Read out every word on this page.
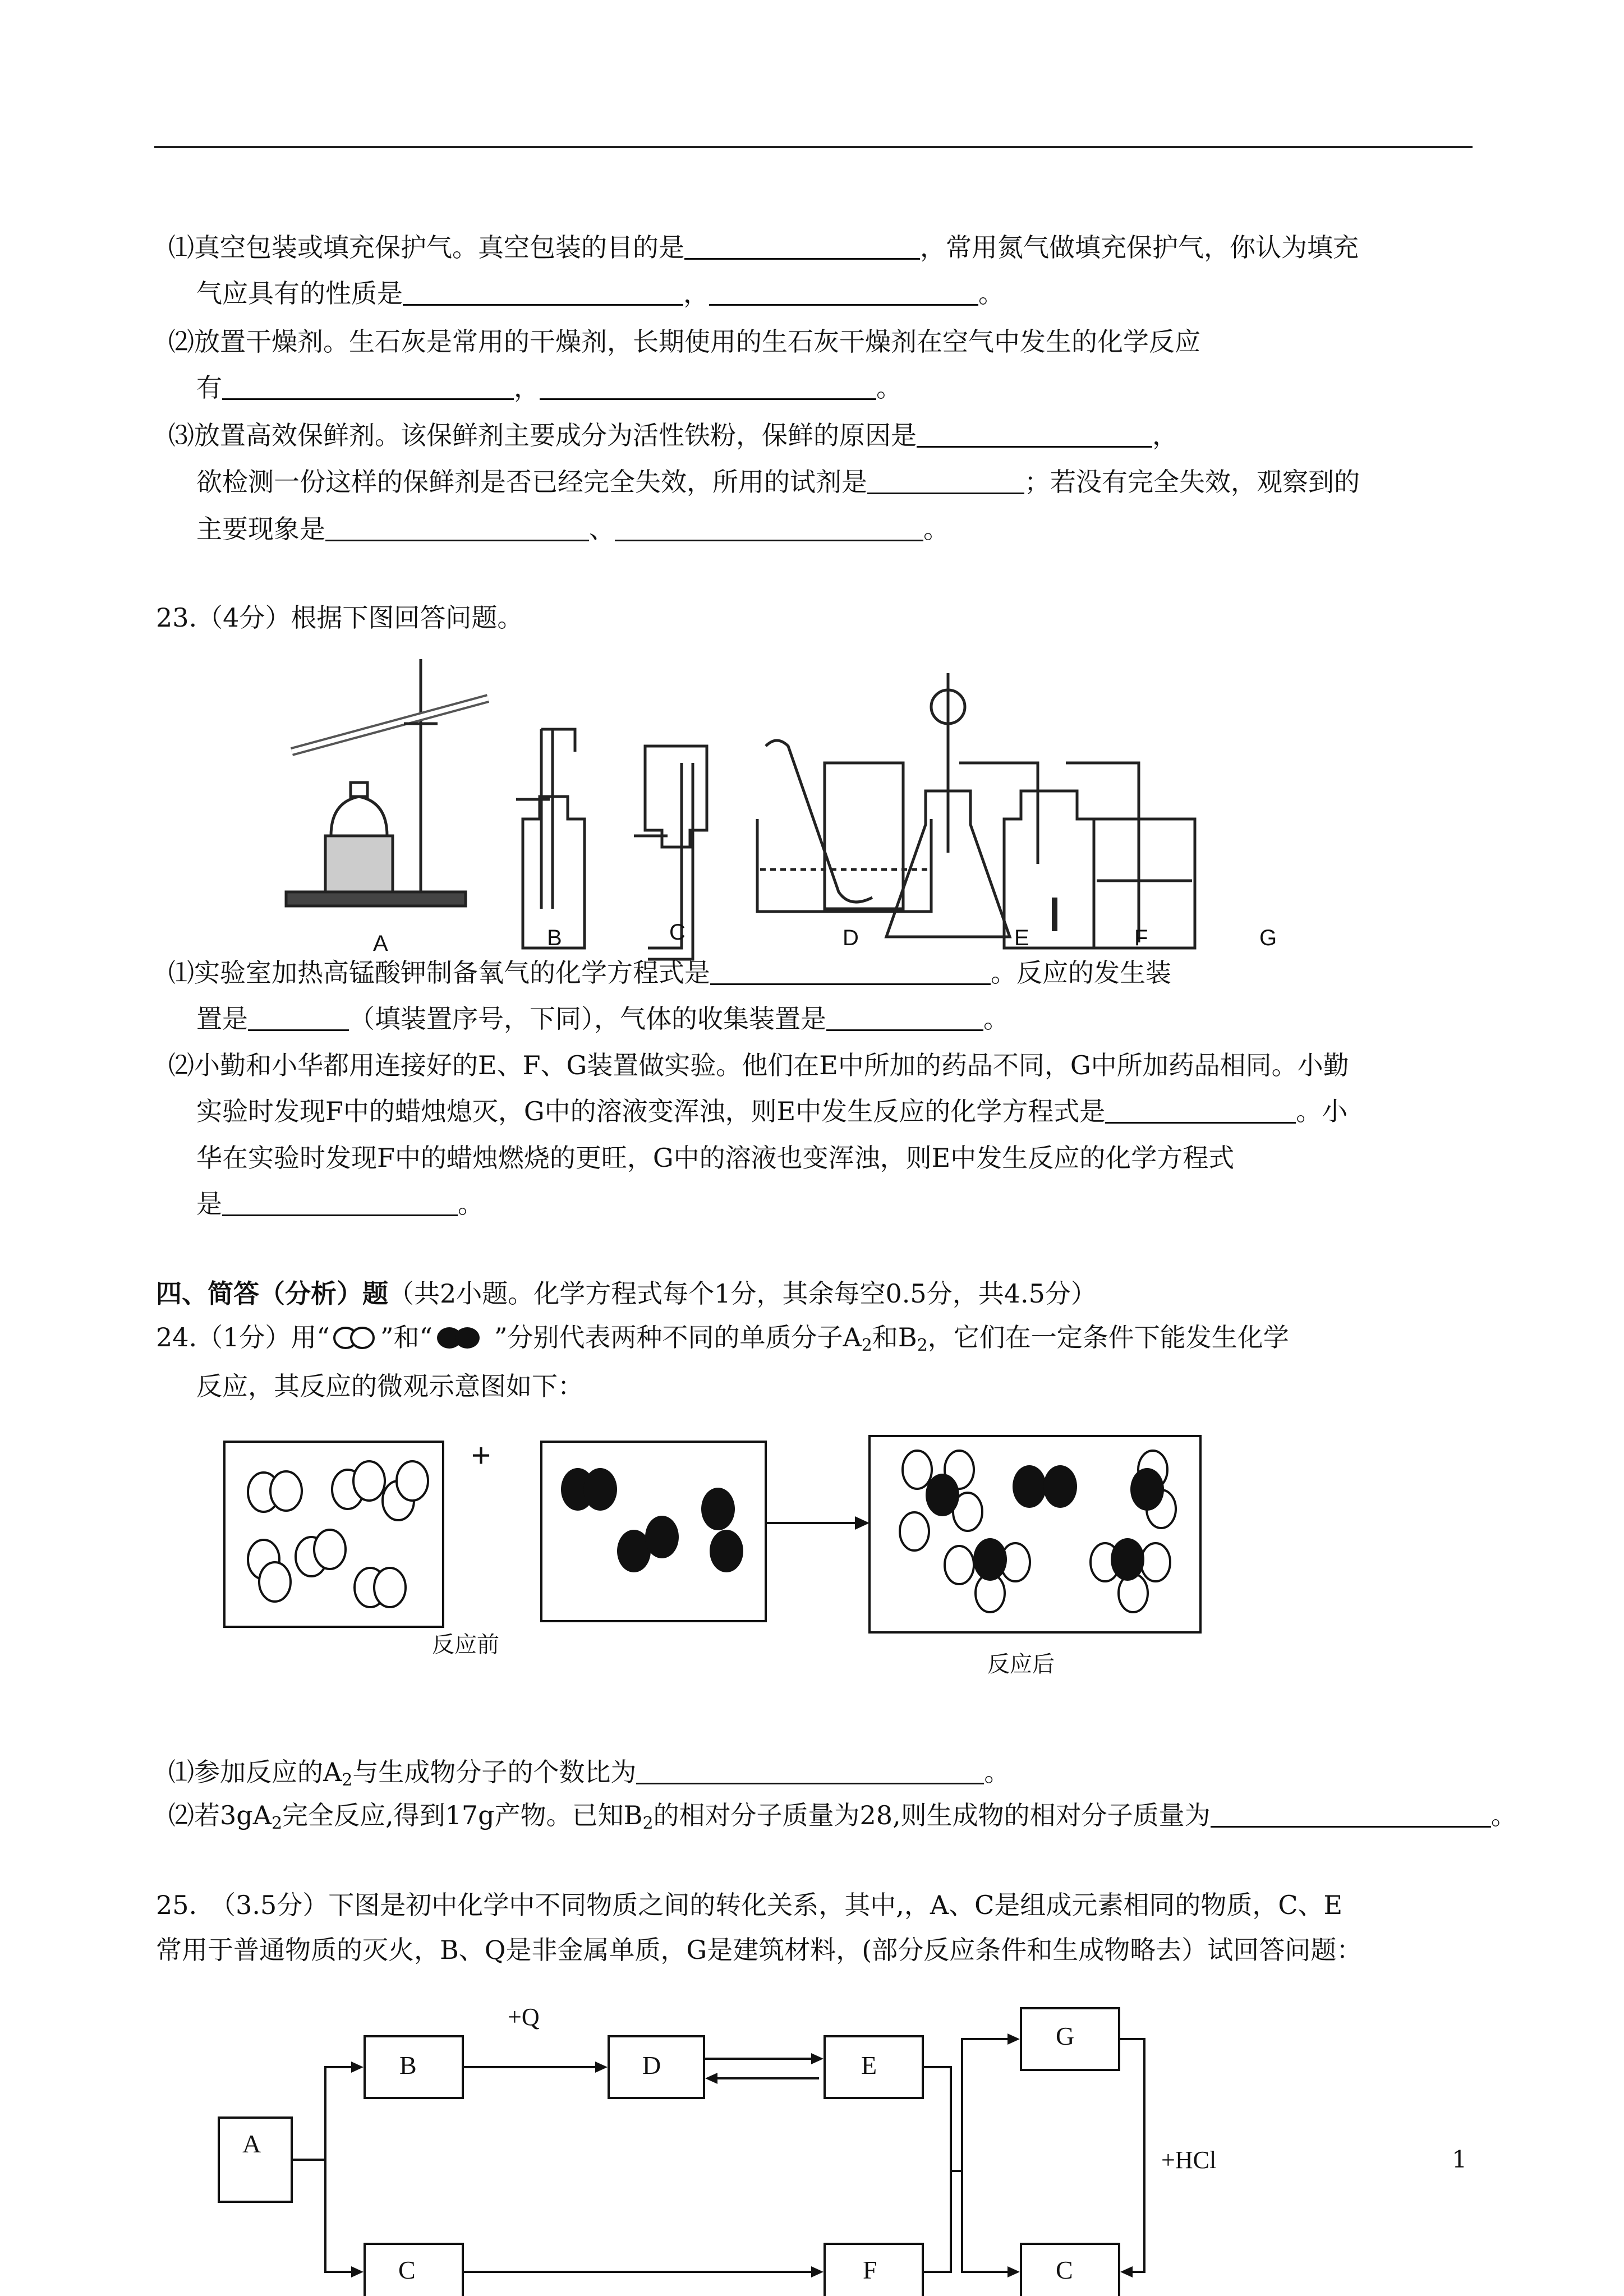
⑴真空包装或填充保护气。真空包装的目的是	，常用氮气做填充保护气，你认为填充
气应具有的性质是	，	。
⑵放置干燥剂。生石灰是常用的干燥剂，长期使用的生石灰干燥剂在空气中发生的化学反应
有	，	。
⑶放置高效保鲜剂。该保鲜剂主要成分为活性铁粉，保鲜的原因是	，
欲检测一份这样的保鲜剂是否已经完全失效，所用的试剂是	；若没有完全失效，观察到的
主要现象是	、	。
23.（4分）根据下图回答问题。
A	B	C	D	E	F	G
⑴实验室加热高锰酸钾制备氧气的化学方程式是	。反应的发生装
置是	（填装置序号，下同），气体的收集装置是	。
⑵小勤和小华都用连接好的E、F、G装置做实验。他们在E中所加的药品不同，G中所加药品相同。小勤
实验时发现F中的蜡烛熄灭，G中的溶液变浑浊，则E中发生反应的化学方程式是	。小
华在实验时发现F中的蜡烛燃烧的更旺，G中的溶液也变浑浊，则E中发生反应的化学方程式
是	。
四、简答（分析）题（共2小题。化学方程式每个1分，其余每空0.5分，共4.5分）
24.（1分）用“ ”和“ ”分别代表两种不同的单质分子$A_2$和$B_2$，它们在一定条件下能发生化学
反应，其反应的微观示意图如下：
+
反应前
反应后
⑴参加反应的$A_2$与生成物分子的个数比为	。
⑵若$3gA_2$完全反应,得到17g产物。已知$B_2$的相对分子质量为28,则生成物的相对分子质量为	。
25.　（3.5分）下图是初中化学中不同物质之间的转化关系，其中,，A、C是组成元素相同的物质，C、E
常用于普通物质的灭火，B、Q是非金属单质，G是建筑材料，(部分反应条件和生成物略去）试回答问题：
+Q
+HCl
A
B	D	E
G
C	F	C
1
